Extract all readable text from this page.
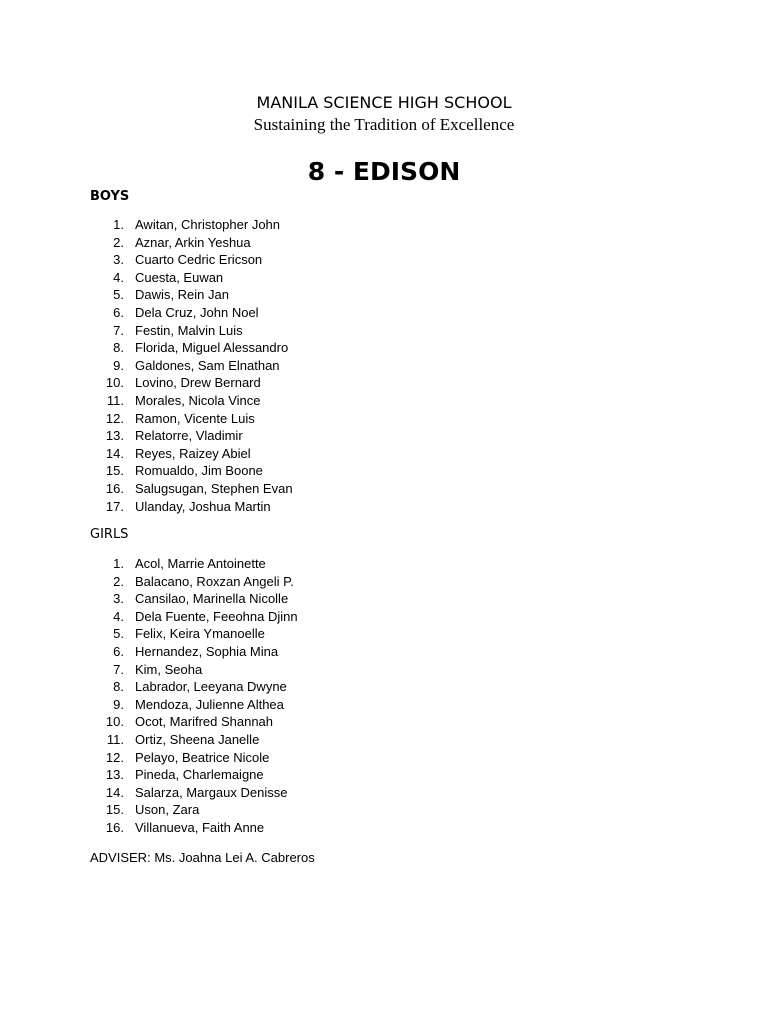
MANILA SCIENCE HIGH SCHOOL

Sustaining the Tradition of Excellence

8 - EDISON
BOYS
1. Awitan, Christopher John
2. Aznar, Arkin Yeshua
3. Cuarto Cedric Ericson
4. Cuesta, Euwan
5. Dawis, Rein Jan
6. Dela Cruz, John Noel
7. Festin, Malvin Luis
8. Florida, Miguel Alessandro
9. Galdones, Sam Elnathan
10. Lovino, Drew Bernard
11. Morales, Nicola Vince
12. Ramon, Vicente Luis
13. Relatorre, Vladimir
14. Reyes, Raizey Abiel
15. Romualdo, Jim Boone
16. Salugsugan, Stephen Evan
17. Ulanday, Joshua Martin
GIRLS
1. Acol, Marrie Antoinette
2. Balacano, Roxzan Angeli P.
3. Cansilao, Marinella Nicolle
4. Dela Fuente, Feeohna Djinn
5. Felix, Keira Ymanoelle
6. Hernandez, Sophia Mina
7. Kim, Seoha
8. Labrador, Leeyana Dwyne
9. Mendoza, Julienne Althea
10. Ocot, Marifred Shannah
11. Ortiz, Sheena Janelle
12. Pelayo, Beatrice Nicole
13. Pineda, Charlemaigne
14. Salarza, Margaux Denisse
15. Uson, Zara
16. Villanueva, Faith Anne

ADVISER: Ms. Joahna Lei A. Cabreros
